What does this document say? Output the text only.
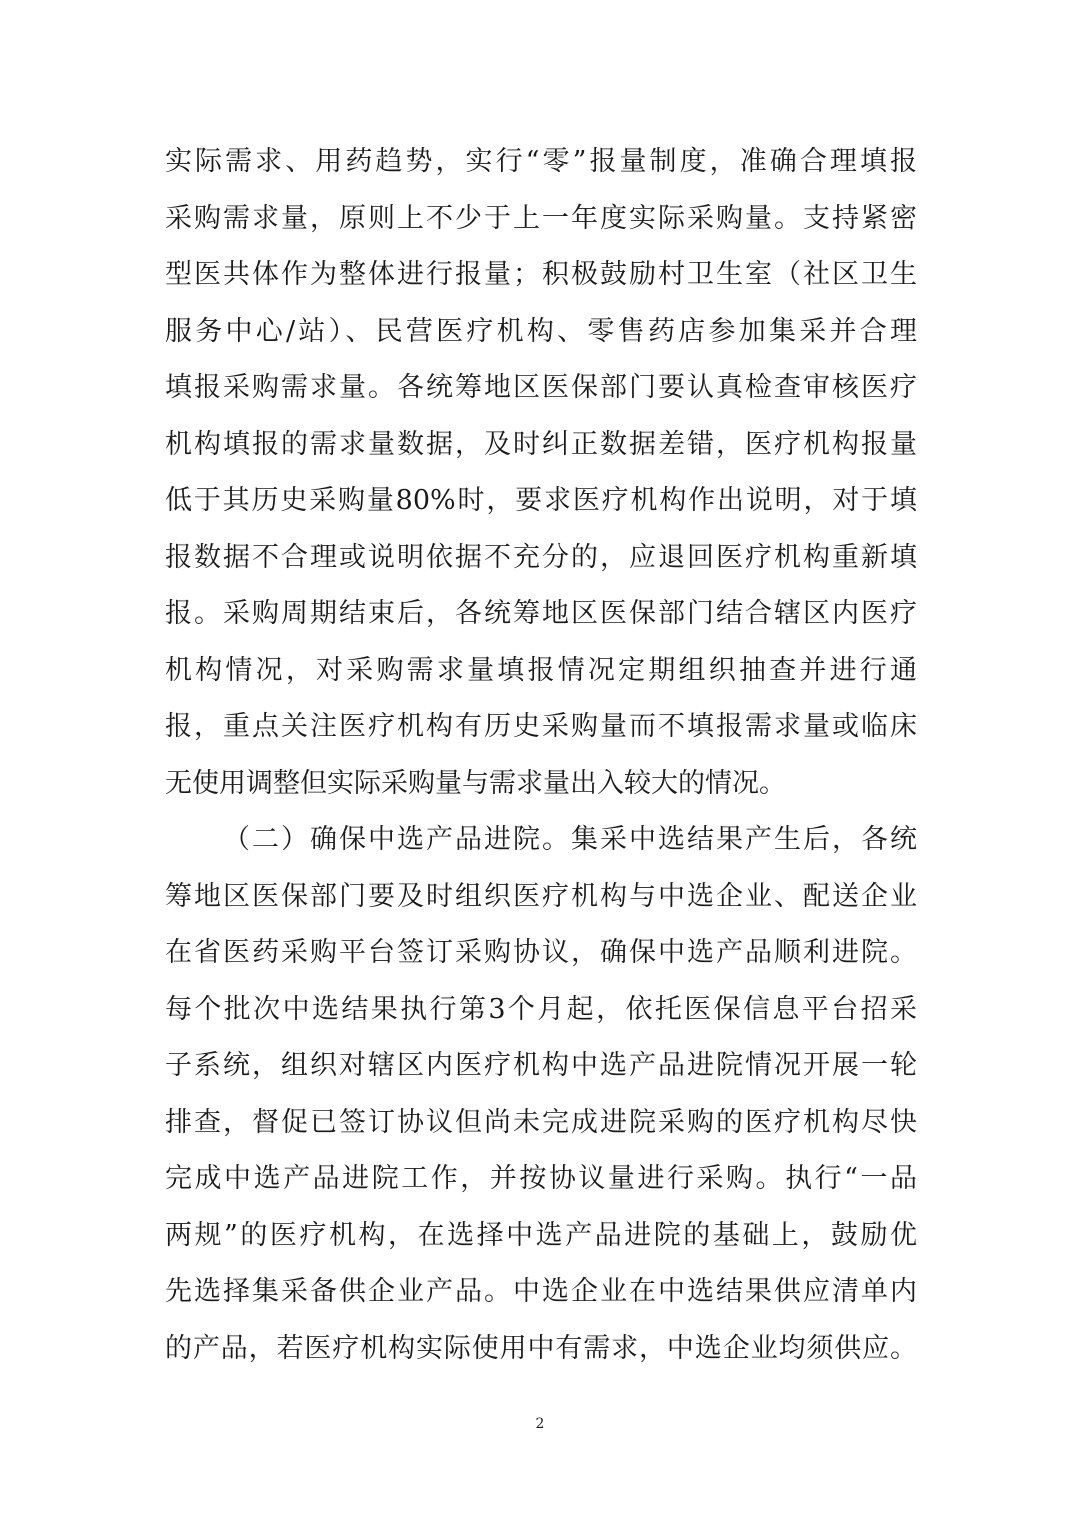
实际需求、用药趋势，实行“零”报量制度，准确合理填报
采购需求量，原则上不少于上一年度实际采购量。支持紧密
型医共体作为整体进行报量；积极鼓励村卫生室（社区卫生
服务中心/站）、民营医疗机构、零售药店参加集采并合理
填报采购需求量。各统筹地区医保部门要认真检查审核医疗
机构填报的需求量数据，及时纠正数据差错，医疗机构报量
低于其历史采购量80%时，要求医疗机构作出说明，对于填
报数据不合理或说明依据不充分的，应退回医疗机构重新填
报。采购周期结束后，各统筹地区医保部门结合辖区内医疗
机构情况，对采购需求量填报情况定期组织抽查并进行通
报，重点关注医疗机构有历史采购量而不填报需求量或临床
无使用调整但实际采购量与需求量出入较大的情况。
（二）确保中选产品进院。集采中选结果产生后，各统
筹地区医保部门要及时组织医疗机构与中选企业、配送企业
在省医药采购平台签订采购协议，确保中选产品顺利进院。
每个批次中选结果执行第3个月起，依托医保信息平台招采
子系统，组织对辖区内医疗机构中选产品进院情况开展一轮
排查，督促已签订协议但尚未完成进院采购的医疗机构尽快
完成中选产品进院工作，并按协议量进行采购。执行“一品
两规”的医疗机构，在选择中选产品进院的基础上，鼓励优
先选择集采备供企业产品。中选企业在中选结果供应清单内
的产品，若医疗机构实际使用中有需求，中选企业均须供应。
2
